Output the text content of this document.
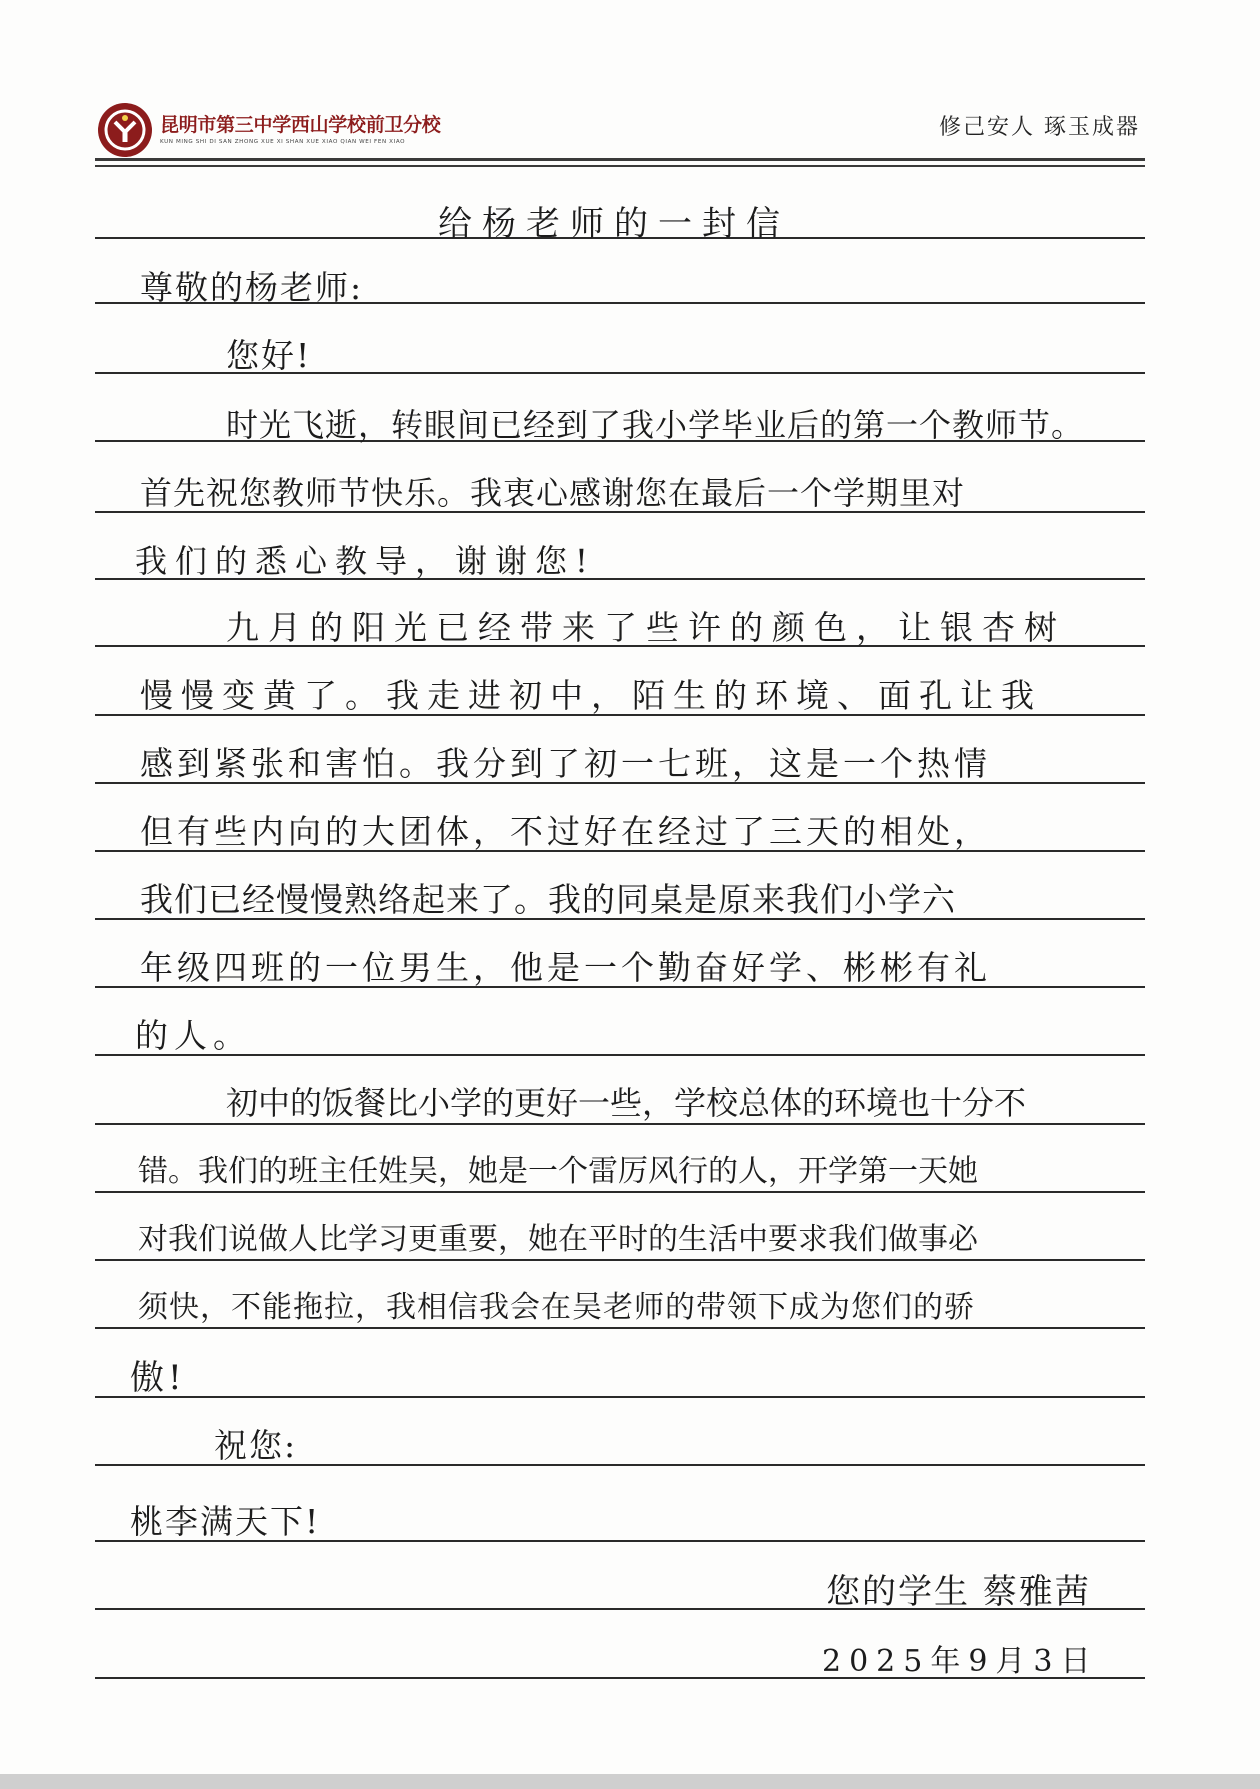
昆明市第三中学西山学校前卫分校
KUN MING SHI DI SAN ZHONG XUE XI SHAN XUE XIAO QIAN WEI FEN XIAO
修己安人 琢玉成器
给杨老师的一封信
尊敬的杨老师:
您好!
时光飞逝，转眼间已经到了我小学毕业后的第一个教师节。
首先祝您教师节快乐。我衷心感谢您在最后一个学期里对
我们的悉心教导，谢谢您!
九月的阳光已经带来了些许的颜色，让银杏树
慢慢变黄了。我走进初中，陌生的环境、面孔让我
感到紧张和害怕。我分到了初一七班，这是一个热情
但有些内向的大团体，不过好在经过了三天的相处，
我们已经慢慢熟络起来了。我的同桌是原来我们小学六
年级四班的一位男生，他是一个勤奋好学、彬彬有礼
的人。
初中的饭餐比小学的更好一些，学校总体的环境也十分不
错。我们的班主任姓吴，她是一个雷厉风行的人，开学第一天她
对我们说做人比学习更重要，她在平时的生活中要求我们做事必
须快，不能拖拉，我相信我会在吴老师的带领下成为您们的骄
傲!
祝您:
桃李满天下!
您的学生 蔡雅茜
2025年9月3日
